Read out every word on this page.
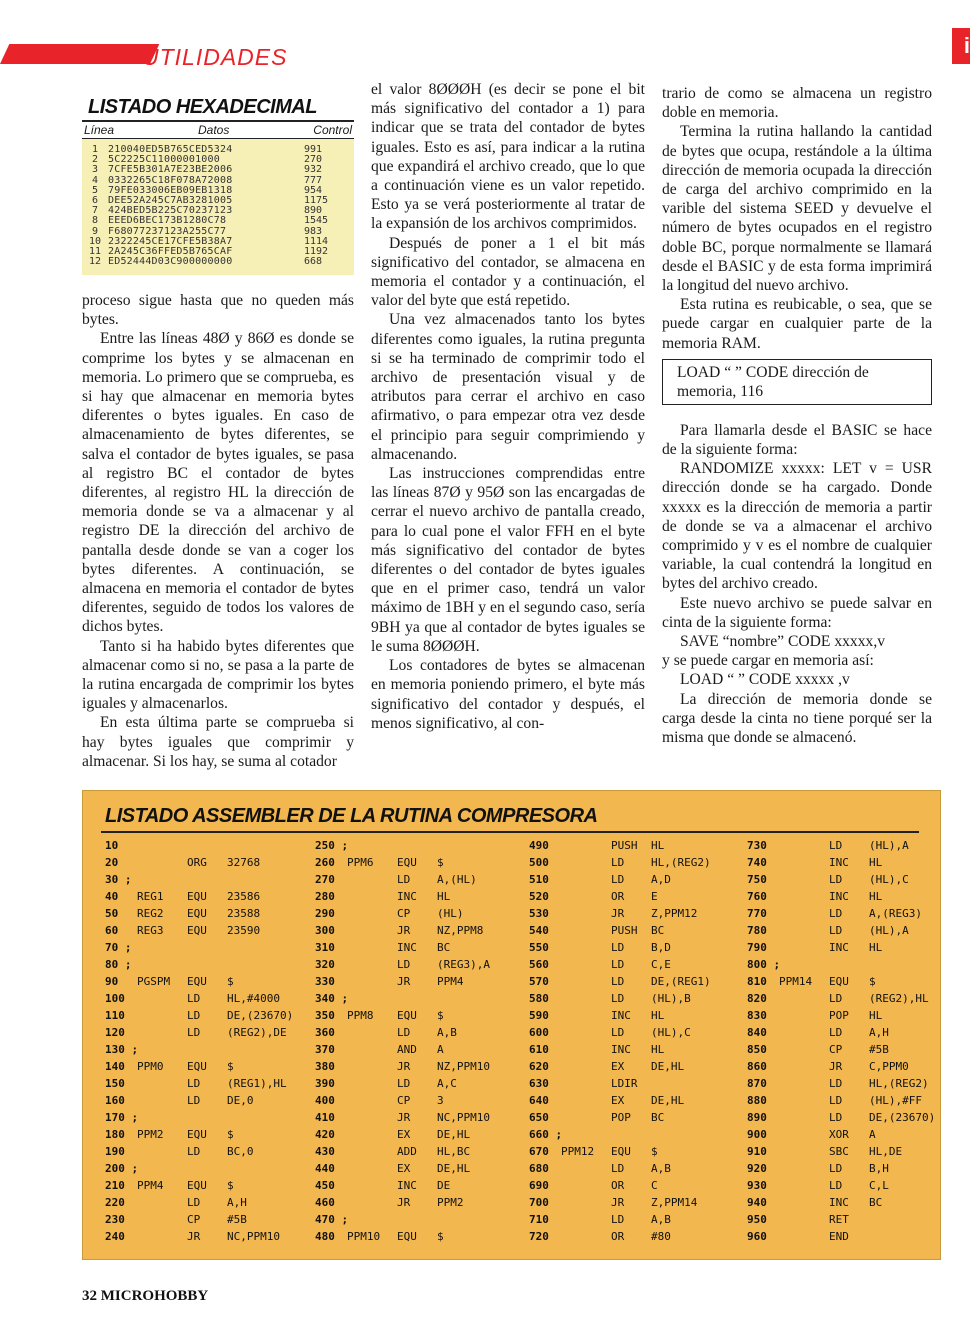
UTILIDADES	i
LISTADO HEXADECIMAL
Línea	Datos	Control
1 210040ED5B765CED5324	991
2 5C2225C11000001000	270
3 7CFE5B301A7E23BE2006	932
4 0332265C18F078A72008	777
5 79FE033006EB09EB1318	954
6 DEE52A245C7AB3281005	1175
7 424BED5B225C70237123	890
8 EEED6BEC173B1280C78	1545
9 F68077237123A255C77	983
10 2322245CE17CFE5B38A7	1114
11 2A245C36FFED5B765CAF	1192
12 ED52444D03C900000000	668

proceso sigue hasta que no queden más bytes.

Entre las líneas 48Ø y 86Ø es donde se comprime los bytes y se almacenan en memoria. Lo primero que se comprueba, es si hay que almacenar en memoria bytes diferentes o bytes iguales. En caso de almacenamiento de bytes diferentes, se salva el contador de bytes iguales, se pasa al registro BC el contador de bytes diferentes, al registro HL la dirección de memoria donde se va a almacenar y al registro DE la dirección del archivo de pantalla desde donde se van a coger los bytes diferentes. A continuación, se almacena en memoria el contador de bytes diferentes, seguido de todos los valores de dichos bytes.

Tanto si ha habido bytes diferentes que almacenar como si no, se pasa a la parte de la rutina encargada de comprimir los bytes iguales y almacenarlos.

En esta última parte se comprueba si hay bytes iguales que comprimir y almacenar. Si los hay, se suma al cotador

el valor 8ØØØH (es decir se pone el bit más significativo del contador a 1) para indicar que se trata del contador de bytes iguales. Esto es así, para indicar a la rutina que expandirá el archivo creado, que lo que a continuación viene es un valor repetido. Esto ya se verá posteriormente al tratar de la expansión de los archivos comprimidos.

Después de poner a 1 el bit más significativo del contador, se almacena en memoria el contador y a continuación, el valor del byte que está repetido.

Una vez almacenados tanto los bytes diferentes como iguales, la rutina pregunta si se ha terminado de comprimir todo el archivo de presentación visual y de atributos para cerrar el archivo en caso afirmativo, o para empezar otra vez desde el principio para seguir comprimiendo y almacenando.

Las instrucciones comprendidas entre las líneas 87Ø y 95Ø son las encargadas de cerrar el nuevo archivo de pantalla creado, para lo cual pone el valor FFH en el byte más significativo del contador de bytes diferentes o del contador de bytes iguales que en el primer caso, tendrá un valor máximo de 1BH y en el segundo caso, sería 9BH ya que al contador de bytes iguales se le suma 8ØØØH.

Los contadores de bytes se almacenan en memoria poniendo primero, el byte más significativo del contador y después, el menos significativo, al con-

trario de como se almacena un registro doble en memoria.

Termina la rutina hallando la cantidad de bytes que ocupa, restándole a la última dirección de memoria ocupada la dirección de carga del archivo comprimido en la varible del sistema SEED y devuelve el número de bytes ocupados en el registro doble BC, porque normalmente se llamará desde el BASIC y de esta forma imprimirá la longitud del nuevo archivo.

Esta rutina es reubicable, o sea, que se puede cargar en cualquier parte de la memoria RAM.

LOAD “ ” CODE dirección de memoria, 116

Para llamarla desde el BASIC se hace de la siguiente forma:

RANDOMIZE xxxxx: LET v = USR dirección donde se ha cargado. Donde xxxxx es la dirección de memoria a partir de donde se va a almacenar el archivo comprimido y v es el nombre de cualquier variable, la cual contendrá la longitud en bytes del archivo creado.

Este nuevo archivo se puede salvar en cinta de la siguiente forma:

SAVE “nombre” CODE xxxxx,v

y se puede cargar en memoria así:

LOAD “ ” CODE xxxxx ,v

La dirección de memoria donde se carga desde la cinta no tiene porqué ser la misma que donde se almacenó.

LISTADO ASSEMBLER DE LA RUTINA COMPRESORA
10
20	ORG	32768
30 ;
40	REG1	EQU	23586
50	REG2	EQU	23588
60	REG3	EQU	23590
70 ;
80 ;
90	PGSPM	EQU	$
100	LD	HL,#4000
110	LD	DE,(23670)
120	LD	(REG2),DE
130 ;
140	PPM0	EQU	$
150	LD	(REG1),HL
160	LD	DE,0
170 ;
180	PPM2	EQU	$
190	LD	BC,0
200 ;
210	PPM4	EQU	$
220	LD	A,H
230	CP	#5B
240	JR	NC,PPM10
250 ;
260	PPM6	EQU	$
270	LD	A,(HL)
280	INC	HL
290	CP	(HL)
300	JR	NZ,PPM8
310	INC	BC
320	LD	(REG3),A
330	JR	PPM4
340 ;
350	PPM8	EQU	$
360	LD	A,B
370	AND	A
380	JR	NZ,PPM10
390	LD	A,C
400	CP	3
410	JR	NC,PPM10
420	EX	DE,HL
430	ADD	HL,BC
440	EX	DE,HL
450	INC	DE
460	JR	PPM2
470 ;
480	PPM10	EQU	$
490	PUSH	HL
500	LD	HL,(REG2)
510	LD	A,D
520	OR	E
530	JR	Z,PPM12
540	PUSH	BC
550	LD	B,D
560	LD	C,E
570	LD	DE,(REG1)
580	LD	(HL),B
590	INC	HL
600	LD	(HL),C
610	INC	HL
620	EX	DE,HL
630	LDIR
640	EX	DE,HL
650	POP	BC
660 ;
670	PPM12	EQU	$
680	LD	A,B
690	OR	C
700	JR	Z,PPM14
710	LD	A,B
720	OR	#80
730	LD	(HL),A
740	INC	HL
750	LD	(HL),C
760	INC	HL
770	LD	A,(REG3)
780	LD	(HL),A
790	INC	HL
800 ;
810	PPM14	EQU	$
820	LD	(REG2),HL
830	POP	HL
840	LD	A,H
850	CP	#5B
860	JR	C,PPM0
870	LD	HL,(REG2)
880	LD	(HL),#FF
890	LD	DE,(23670)
900	XOR	A
910	SBC	HL,DE
920	LD	B,H
930	LD	C,L
940	INC	BC
950	RET
960	END
32 MICROHOBBY
